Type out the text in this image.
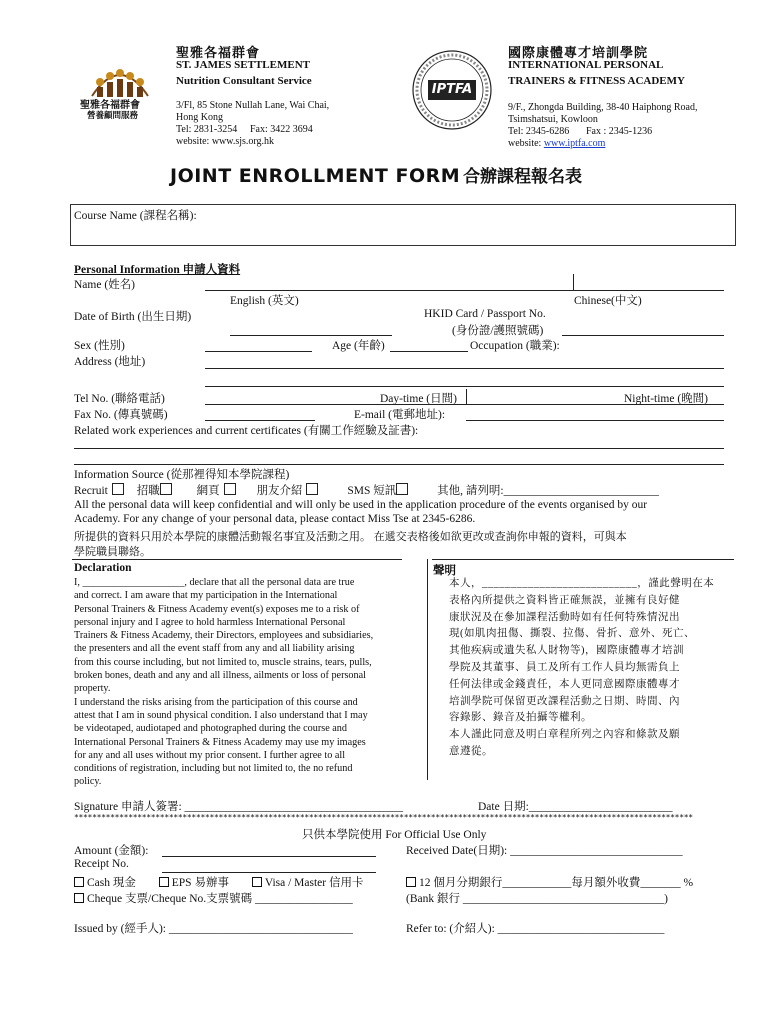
聖雅各福群會
營養顧問服務
聖雅各福群會
ST. JAMES SETTLEMENT
Nutrition Consultant Service
3/Fl, 85 Stone Nullah Lane, Wai Chai,
Hong Kong
Tel: 2831-3254 Fax: 3422 3694
website: www.sjs.org.hk
IPTFA
國際康體專才培訓學院
INTERNATIONAL PERSONAL
TRAINERS & FITNESS ACADEMY
9/F., Zhongda Building, 38-40 Haiphong Road,
Tsimshatsui, Kowloon
Tel: 2345-6286 Fax : 2345-1236
website: www.iptfa.com
JOINT ENROLLMENT FORM 合辦課程報名表
Course Name (課程名稱):
Personal Information 申請人資料
Name (姓名)
English (英文)	Chinese(中文)
Date of Birth (出生日期)	HKID Card / Passport No.
(身份證/護照號碼)
Sex (性別)	Age (年齡)	Occupation (職業):
Address (地址)
Tel No. (聯絡電話)	Day-time (日間)	Night-time (晚間)
Fax No. (傳真號碼)	E-mail (電郵地址):
Related work experiences and current certificates (有關工作經驗及証書):
Information Source (從那裡得知本學院課程)
Recruit	招職	網頁	朋友介紹	SMS 短訊	其他, 請列明:___________________________
All the personal data will keep confidential and will only be used in the application procedure of the events organised by our
Academy. For any change of your personal data, please contact Miss Tse at 2345-6286.
所提供的資料只用於本學院的康體活動報名事宜及活動之用。 在遞交表格後如欲更改或查詢你申報的資料，可與本
學院職員聯絡。
Declaration
I, ____________________, declare that all the personal data are true
and correct. I am aware that my participation in the International
Personal Trainers & Fitness Academy event(s) exposes me to a risk of
personal injury and I agree to hold harmless International Personal
Trainers & Fitness Academy, their Directors, employees and subsidiaries,
the presenters and all the event staff from any and all liability arising
from this course including, but not limited to, muscle strains, tears, pulls,
broken bones, death and any and all illness, ailments or loss of personal
property.
I understand the risks arising from the participation of this course and
attest that I am in sound physical condition. I also understand that I may
be videotaped, audiotaped and photographed during the course and
International Personal Trainers & Fitness Academy may use my images
for any and all uses without my prior consent. I further agree to all
conditions of registration, including but not limited to, the no refund
policy.
聲明
本人，___________________________，謹此聲明在本
表格內所提供之資料皆正確無誤，並擁有良好健
康狀況及在參加課程活動時如有任何特殊情況出
現(如肌肉扭傷、撕裂、拉傷、骨折、意外、死亡、
其他疾病或遺失私人財物等)，國際康體專才培訓
學院及其董事、員工及所有工作人員均無需負上
任何法律或金錢責任，本人更同意國際康體專才
培訓學院可保留更改課程活動之日期、時間、內
容錄影、錄音及拍攝等權利。
本人謹此同意及明白章程所列之內容和條款及願
意遵從。
Signature 申請人簽署: ______________________________________	Date 日期:_________________________
*****************************************************************************************************************************************
只供本學院使用 For Official Use Only
Amount (金額):	Received Date(日期): ______________________________
Receipt No.
Cash 現金	EPS 易辦事	Visa / Master 信用卡	12 個月分期銀行____________每月額外收費_______ %
Cheque 支票/Cheque No.支票號碼 _________________	(Bank 銀行 ___________________________________)
Issued by (經手人): ________________________________	Refer to: (介紹人): _____________________________
